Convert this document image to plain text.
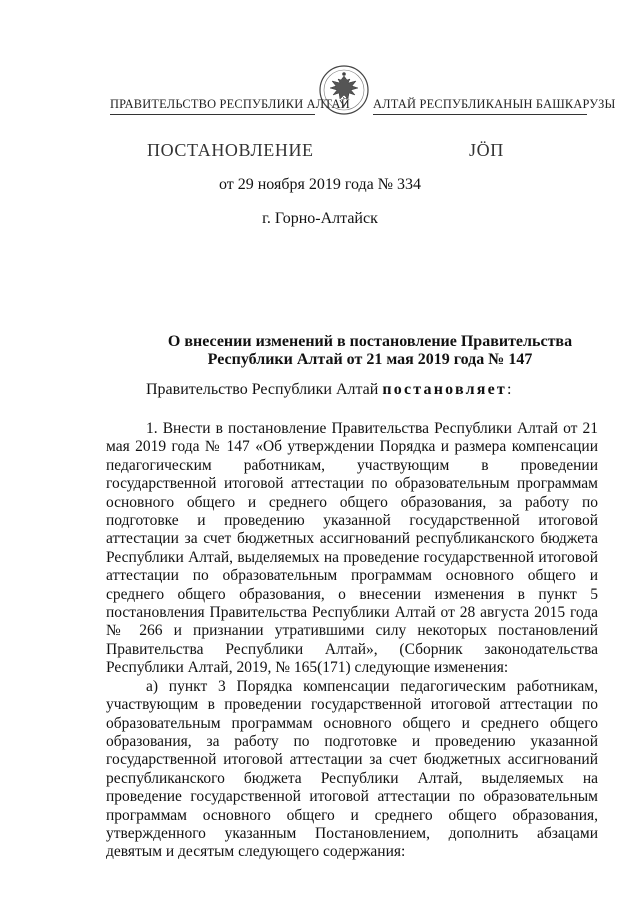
ПРАВИТЕЛЬСТВО РЕСПУБЛИКИ АЛТАЙ АЛТАЙ РЕСПУБЛИКАНЫН БАШКАРУЗЫ
ПОСТАНОВЛЕНИЕ	ЈӦП
от 29 ноября 2019 года № 334
г. Горно-Алтайск
О внесении изменений в постановление Правительства Республики Алтай от 21 мая 2019 года № 147
Правительство Республики Алтай постановляет:

1. Внести в постановление Правительства Республики Алтай от 21 мая 2019 года № 147 «Об утверждении Порядка и размера компенсации педагогическим работникам, участвующим в проведении государственной итоговой аттестации по образовательным программам основного общего и среднего общего образования, за работу по подготовке и проведению указанной государственной итоговой аттестации за счет бюджетных ассигнований республиканского бюджета Республики Алтай, выделяемых на проведение государственной итоговой аттестации по образовательным программам основного общего и среднего общего образования, о внесении изменения в пункт 5 постановления Правительства Республики Алтай от 28 августа 2015 года № 266 и признании утратившими силу некоторых постановлений Правительства Республики Алтай», (Сборник законодательства Республики Алтай, 2019, № 165(171) следующие изменения:

а) пункт 3 Порядка компенсации педагогическим работникам, участвующим в проведении государственной итоговой аттестации по образовательным программам основного общего и среднего общего образования, за работу по подготовке и проведению указанной государственной итоговой аттестации за счет бюджетных ассигнований республиканского бюджета Республики Алтай, выделяемых на проведение государственной итоговой аттестации по образовательным программам основного общего и среднего общего образования, утвержденного указанным Постановлением, дополнить абзацами девятым и десятым следующего содержания:
